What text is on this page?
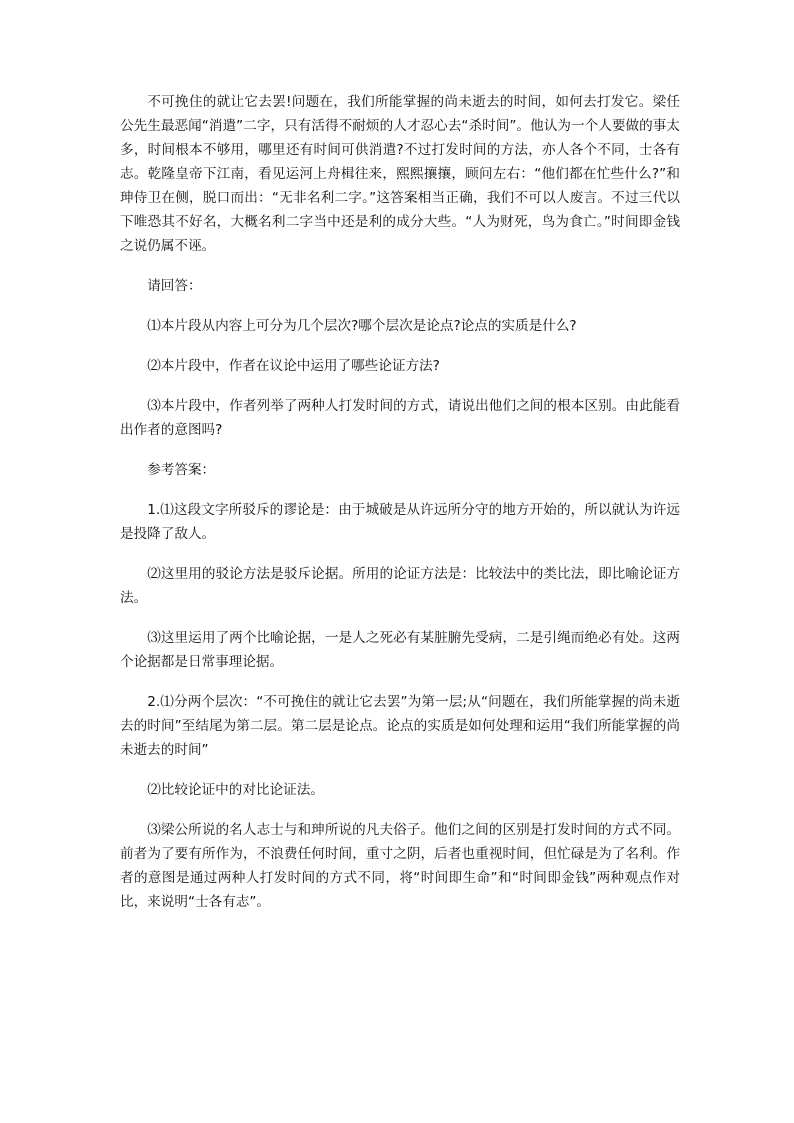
不可挽住的就让它去罢!问题在，我们所能掌握的尚未逝去的时间，如何去打发它。梁任公先生最恶闻“消遣”二字，只有活得不耐烦的人才忍心去“杀时间”。他认为一个人要做的事太多，时间根本不够用，哪里还有时间可供消遣?不过打发时间的方法，亦人各个不同，士各有志。乾隆皇帝下江南，看见运河上舟楫往来，熙熙攘攘，顾问左右：“他们都在忙些什么?”和珅侍卫在侧，脱口而出：“无非名利二字。”这答案相当正确，我们不可以人废言。不过三代以下唯恐其不好名，大概名利二字当中还是利的成分大些。“人为财死，鸟为食亡。”时间即金钱之说仍属不诬。

请回答：

⑴本片段从内容上可分为几个层次?哪个层次是论点?论点的实质是什么?

⑵本片段中，作者在议论中运用了哪些论证方法?

⑶本片段中，作者列举了两种人打发时间的方式，请说出他们之间的根本区别。由此能看出作者的意图吗?

参考答案：

1.⑴这段文字所驳斥的谬论是：由于城破是从许远所分守的地方开始的，所以就认为许远是投降了敌人。

⑵这里用的驳论方法是驳斥论据。所用的论证方法是：比较法中的类比法，即比喻论证方法。

⑶这里运用了两个比喻论据，一是人之死必有某脏腑先受病，二是引绳而绝必有处。这两个论据都是日常事理论据。

2.⑴分两个层次：“不可挽住的就让它去罢”为第一层;从“问题在，我们所能掌握的尚未逝去的时间”至结尾为第二层。第二层是论点。论点的实质是如何处理和运用“我们所能掌握的尚未逝去的时间”

⑵比较论证中的对比论证法。

⑶梁公所说的名人志士与和珅所说的凡夫俗子。他们之间的区别是打发时间的方式不同。前者为了要有所作为，不浪费任何时间，重寸之阴，后者也重视时间，但忙碌是为了名利。作者的意图是通过两种人打发时间的方式不同，将“时间即生命”和“时间即金钱”两种观点作对比，来说明“士各有志”。
